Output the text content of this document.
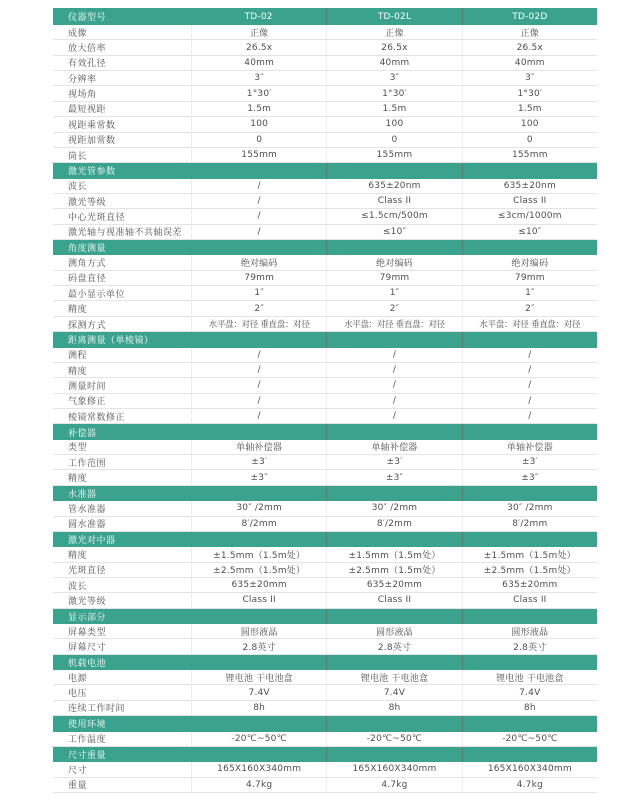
仪器型号	TD-02	TD-02L	TD-02D
成像	正像	正像	正像
放大倍率	26.5x	26.5x	26.5x
有效孔径	40mm	40mm	40mm
分辨率	3″	3″	3″
视场角	1°30′	1°30′	1°30′
最短视距	1.5m	1.5m	1.5m
视距乘常数	100	100	100
视距加常数	0	0	0
筒长	155mm	155mm	155mm
激光管参数
波长	/	635±20nm	635±20nm
激光等级	/	Class II	Class II
中心光斑直径	/	≤1.5cm/500m	≤3cm/1000m
激光轴与视准轴不共轴误差	/	≤10″	≤10″
角度测量
测角方式	绝对编码	绝对编码	绝对编码
码盘直径	79mm	79mm	79mm
最小显示单位	1″	1″	1″
精度	2″	2″	2″
探测方式	水平盘：对径 垂直盘：对径	水平盘：对径 垂直盘：对径	水平盘：对径 垂直盘：对径
距离测量（单棱镜）
测程	/	/	/
精度	/	/	/
测量时间	/	/	/
气象修正	/	/	/
棱镜常数修正	/	/	/
补偿器
类型	单轴补偿器	单轴补偿器	单轴补偿器
工作范围	±3′	±3′	±3′
精度	±3″	±3″	±3″
水准器
管水准器	30″ /2mm	30″ /2mm	30″ /2mm
圆水准器	8′/2mm	8′/2mm	8′/2mm
激光对中器
精度	±1.5mm（1.5m处）	±1.5mm（1.5m处）	±1.5mm（1.5m处）
光斑直径	±2.5mm（1.5m处）	±2.5mm（1.5m处）	±2.5mm（1.5m处）
波长	635±20mm	635±20mm	635±20mm
激光等级	Class II	Class II	Class II
显示部分
屏幕类型	圆形液晶	圆形液晶	圆形液晶
屏幕尺寸	2.8英寸	2.8英寸	2.8英寸
机载电池
电源	锂电池 干电池盒	锂电池 干电池盒	锂电池 干电池盒
电压	7.4V	7.4V	7.4V
连续工作时间	8h	8h	8h
使用环境
工作温度	-20℃~50℃	-20℃~50℃	-20℃~50℃
尺寸重量
尺寸	165X160X340mm	165X160X340mm	165X160X340mm
重量	4.7kg	4.7kg	4.7kg
